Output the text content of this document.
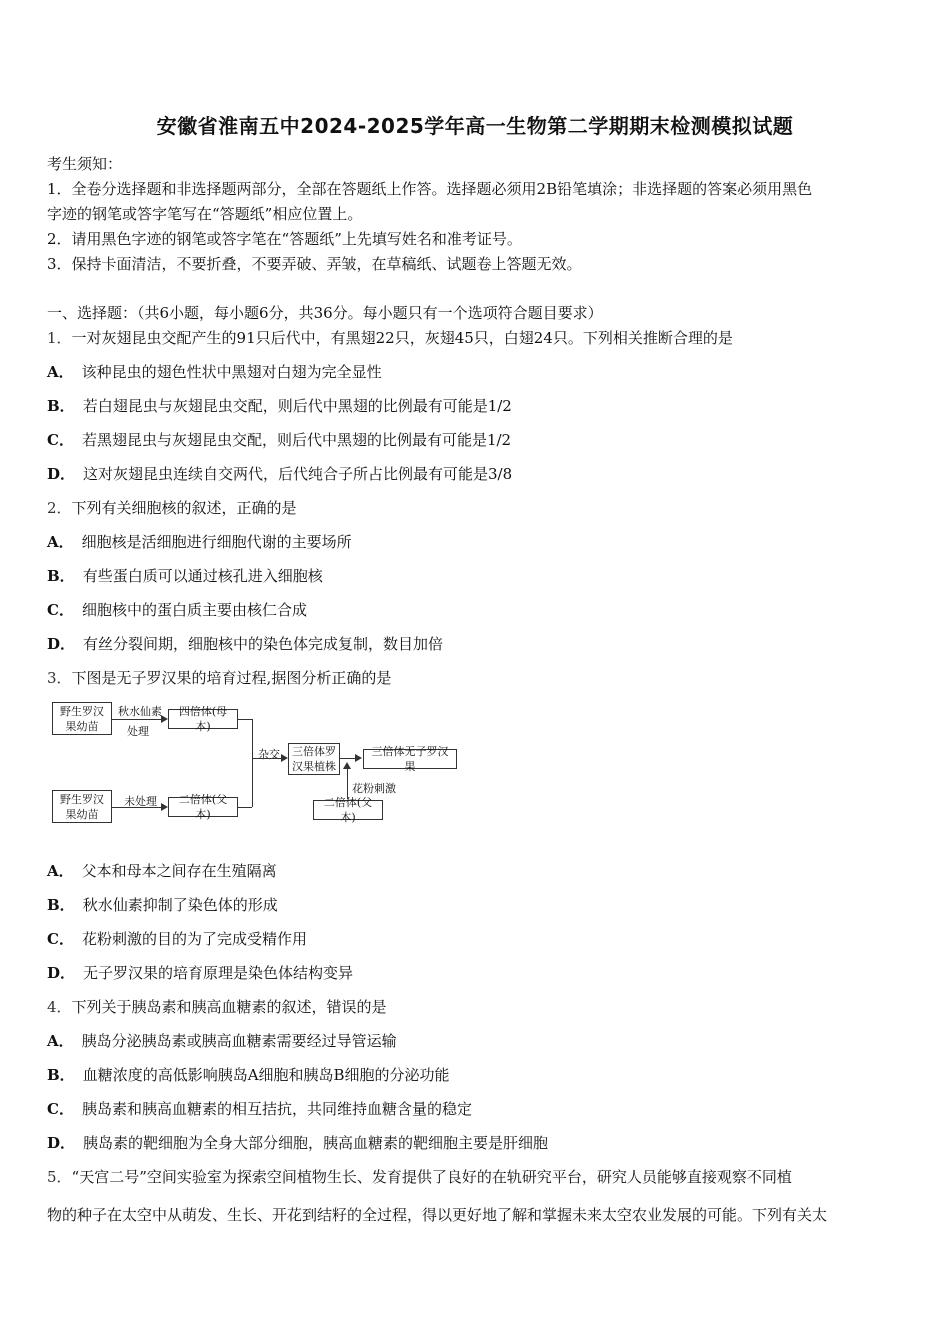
安徽省淮南五中2024-2025学年高一生物第二学期期末检测模拟试题
考生须知：
1．全卷分选择题和非选择题两部分，全部在答题纸上作答。选择题必须用2B铅笔填涂；非选择题的答案必须用黑色
字迹的钢笔或答字笔写在“答题纸”相应位置上。
2．请用黑色字迹的钢笔或答字笔在“答题纸”上先填写姓名和准考证号。
3．保持卡面清洁，不要折叠，不要弄破、弄皱，在草稿纸、试题卷上答题无效。
一、选择题：（共6小题，每小题6分，共36分。每小题只有一个选项符合题目要求）
1．一对灰翅昆虫交配产生的91只后代中，有黑翅22只，灰翅45只，白翅24只。下列相关推断合理的是
A． 该种昆虫的翅色性状中黑翅对白翅为完全显性
B． 若白翅昆虫与灰翅昆虫交配，则后代中黑翅的比例最有可能是1/2
C． 若黑翅昆虫与灰翅昆虫交配，则后代中黑翅的比例最有可能是1/2
D． 这对灰翅昆虫连续自交两代，后代纯合子所占比例最有可能是3/8
2．下列有关细胞核的叙述，正确的是
A． 细胞核是活细胞进行细胞代谢的主要场所
B． 有些蛋白质可以通过核孔进入细胞核
C． 细胞核中的蛋白质主要由核仁合成
D． 有丝分裂间期，细胞核中的染色体完成复制，数目加倍
3．下图是无子罗汉果的培育过程,据图分析正确的是
野生罗汉果幼苗
秋水仙素
处理
四倍体(母本)
野生罗汉果幼苗
未处理	二倍体(父本)
杂交	三倍体罗汉果植株
三倍体无子罗汉果
花粉刺激
二倍体(父本)
A． 父本和母本之间存在生殖隔离
B． 秋水仙素抑制了染色体的形成
C． 花粉刺激的目的为了完成受精作用
D． 无子罗汉果的培育原理是染色体结构变异
4．下列关于胰岛素和胰高血糖素的叙述，错误的是
A． 胰岛分泌胰岛素或胰高血糖素需要经过导管运输
B． 血糖浓度的高低影响胰岛A细胞和胰岛B细胞的分泌功能
C． 胰岛素和胰高血糖素的相互拮抗，共同维持血糖含量的稳定
D． 胰岛素的靶细胞为全身大部分细胞，胰高血糖素的靶细胞主要是肝细胞
5．“天宫二号”空间实验室为探索空间植物生长、发育提供了良好的在轨研究平台，研究人员能够直接观察不同植
物的种子在太空中从萌发、生长、开花到结籽的全过程，得以更好地了解和掌握未来太空农业发展的可能。下列有关太
